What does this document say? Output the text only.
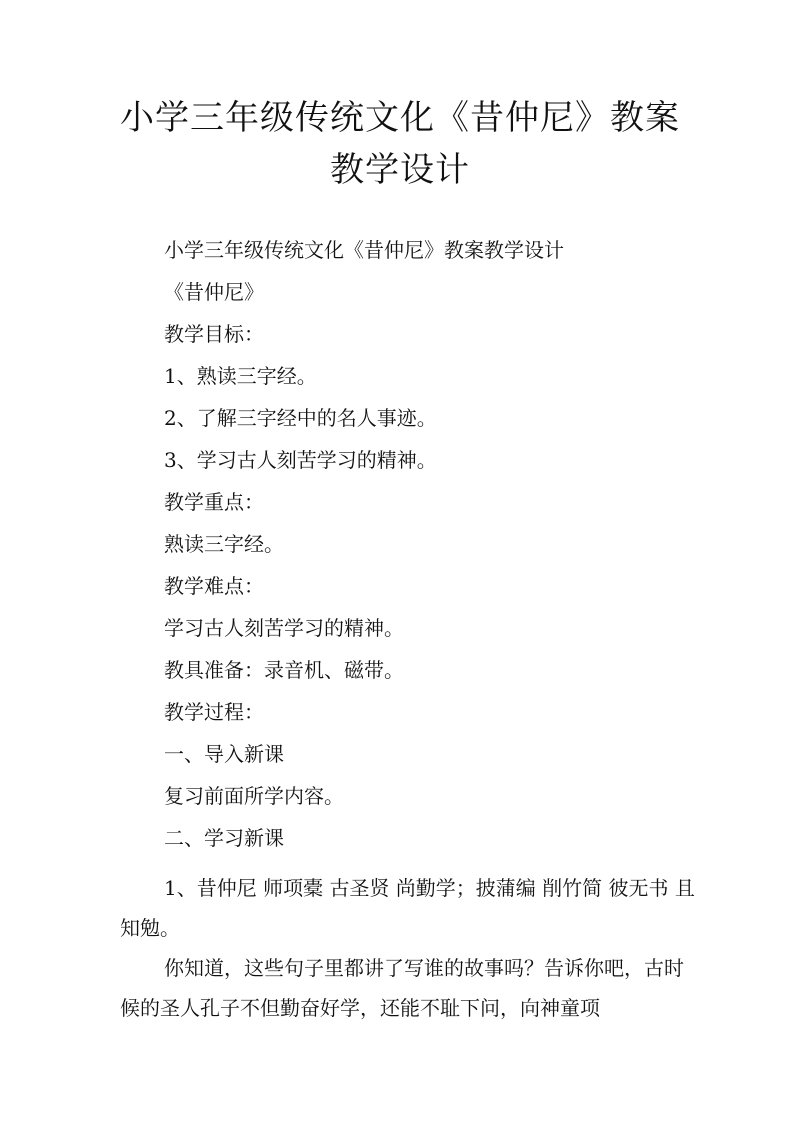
小学三年级传统文化《昔仲尼》教案教学设计

小学三年级传统文化《昔仲尼》教案教学设计

《昔仲尼》

教学目标：

1、熟读三字经。

2、了解三字经中的名人事迹。

3、学习古人刻苦学习的精神。

教学重点：

熟读三字经。

教学难点：

学习古人刻苦学习的精神。

教具准备：录音机、磁带。

教学过程：

一、导入新课

复习前面所学内容。

二、学习新课

1、昔仲尼 师项橐 古圣贤 尚勤学；披蒲编 削竹简 彼无书 且知勉。

你知道，这些句子里都讲了写谁的故事吗？告诉你吧，古时候的圣人孔子不但勤奋好学，还能不耻下问，向神童项
